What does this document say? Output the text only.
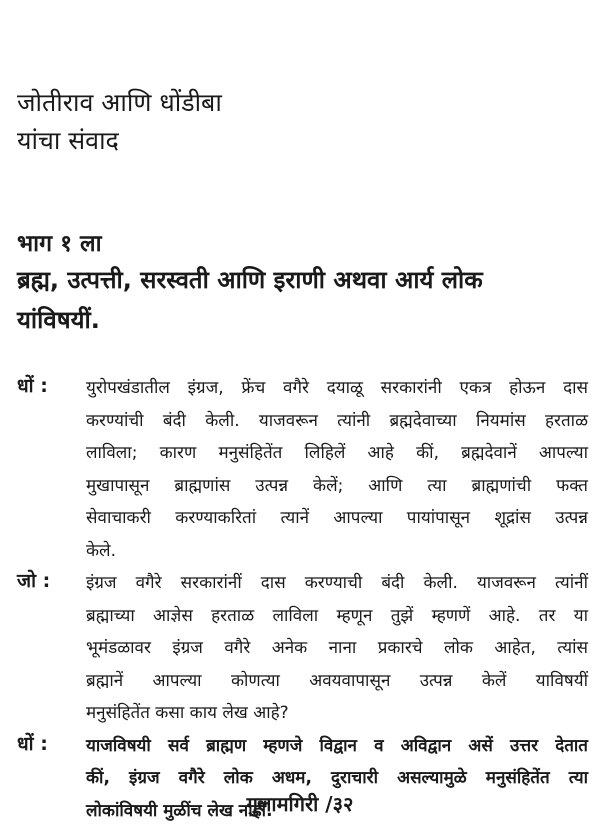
जोतीराव आणि धोंडीबा
यांचा संवाद
भाग १ ला
ब्रह्म, उत्पत्ती, सरस्वती आणि इराणी अथवा आर्य लोक
यांविषयीं.
धों : युरोपखंडातील इंग्रज, फ्रेंच वगैरे दयाळू सरकारांनी एकत्र होऊन दास
करण्यांची बंदी केली. याजवरून त्यांनी ब्रह्मदेवाच्या नियमांस हरताळ
लाविला; कारण मनुसंहितेंत लिहिलें आहे कीं, ब्रह्मदेवानें आपल्या
मुखापासून ब्राह्मणांस उत्पन्न केलें; आणि त्या ब्राह्मणांची फक्त
सेवाचाकरी करण्याकरितां त्यानें आपल्या पायांपासून शूद्रांस उत्पन्न
केले.
जो : इंग्रज वगैरे सरकारांनीं दास करण्याची बंदी केली. याजवरून त्यांनीं
ब्रह्माच्या आज्ञेस हरताळ लाविला म्हणून तुझें म्हणणें आहे. तर या
भूमंडळावर इंग्रज वगैरे अनेक नाना प्रकारचे लोक आहेत, त्यांस
ब्रह्मानें आपल्या कोणत्या अवयवापासून उत्पन्न केलें याविषयीं
मनुसंहितेंत कसा काय लेख आहे?
धों : याजविषयी सर्व ब्राह्मण म्हणजे विद्वान व अविद्वान असें उत्तर देतात
कीं, इंग्रज वगैरे लोक अधम, दुराचारी असल्यामुळे मनुसंहितेंत त्या
लोकांविषयी मुळींच लेख नाहीं.
गुलामगिरी /३२
